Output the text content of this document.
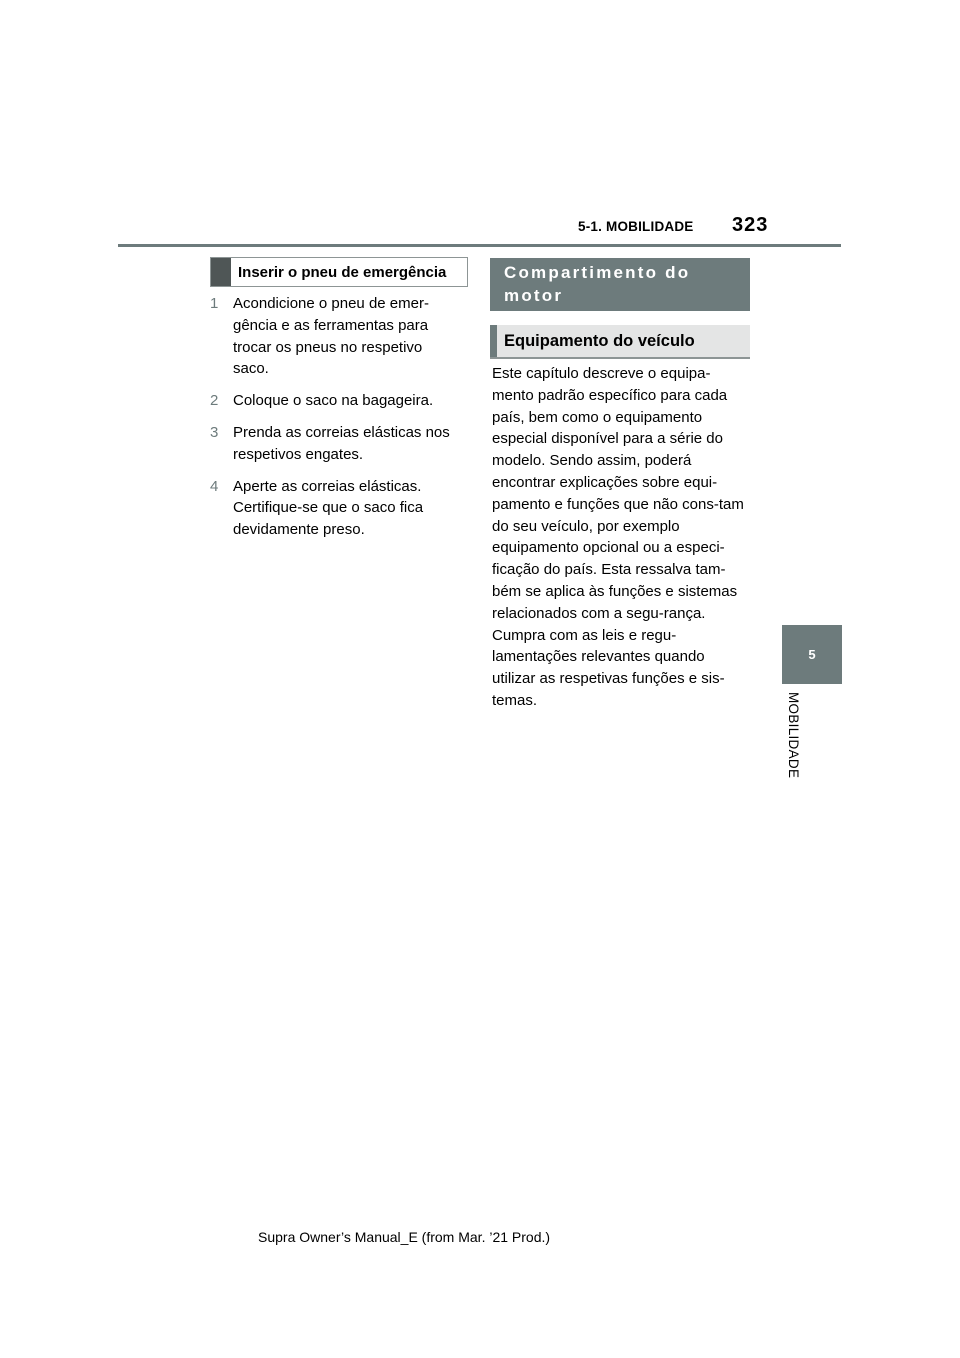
5-1. MOBILIDADE 323
5
MOBILIDADE
Inserir o pneu de emergência
1 Acondicione o pneu de emer-gência e as ferramentas para trocar os pneus no respetivo saco.
2 Coloque o saco na bagageira.
3 Prenda as correias elásticas nos respetivos engates.
4 Aperte as correias elásticas. Certifique-se que o saco fica devidamente preso.
Compartimento do motor
Equipamento do veículo

Este capítulo descreve o equipa-mento padrão específico para cada país, bem como o equipamento especial disponível para a série do modelo. Sendo assim, poderá encontrar explicações sobre equi-pamento e funções que não cons-tam do seu veículo, por exemplo equipamento opcional ou a especi-ficação do país. Esta ressalva tam-bém se aplica às funções e sistemas relacionados com a segu-rança. Cumpra com as leis e regu-lamentações relevantes quando utilizar as respetivas funções e sis-temas.

Supra Owner’s Manual_E (from Mar. ’21 Prod.)
